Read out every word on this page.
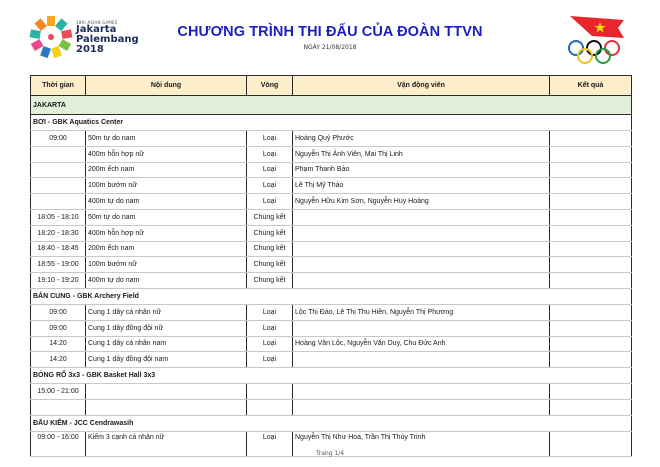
18th ASIAN GAMES
Jakarta
Palembang
2018
CHƯƠNG TRÌNH THI ĐẤU CỦA ĐOÀN TTVN
NGÀY 21/08/2018
Thời gian	Nội dung	Vòng	Vận động viên	Kết quả
JAKARTA				
BƠI - GBK Aquatics Center				
09:00	50m tự do nam	Loại	Hoàng Quý Phước	
	400m hỗn hợp nữ	Loại	Nguyễn Thị Ánh Viên, Mai Thị Linh	
	200m ếch nam	Loại	Phạm Thanh Bảo	
	100m bướm nữ	Loại	Lê Thị Mỹ Thảo	
	400m tự do nam	Loại	Nguyễn Hữu Kim Sơn, Nguyễn Huy Hoàng	
18:05 - 18:10	50m tự do nam	Chung kết		
18:20 - 18:30	400m hỗn hợp nữ	Chung kết		
18:40 - 18:45	200m ếch nam	Chung kết		
18:55 - 19:00	100m bướm nữ	Chung kết		
19:10 - 19:20	400m tự do nam	Chung kết		
BẮN CUNG - GBK Archery Field				
09:00	Cung 1 dây cá nhân nữ	Loại	Lộc Thị Đào, Lê Thị Thu Hiền, Nguyễn Thị Phương	
09:00	Cung 1 dây đồng đội nữ	Loại		
14:20	Cung 1 dây cá nhân nam	Loại	Hoàng Văn Lộc, Nguyễn Văn Duy, Chu Đức Anh	
14:20	Cung 1 dây đồng đội nam	Loại		
BÓNG RỔ 3x3 - GBK Basket Hall 3x3				
15:00 - 21:00				

ĐẤU KIẾM - JCC Cendrawasih				
09:00 - 16:00	Kiếm 3 cạnh cá nhân nữ	Loại	Nguyễn Thị Như Hoa, Trần Thị Thùy Trinh	
Trang 1/4
